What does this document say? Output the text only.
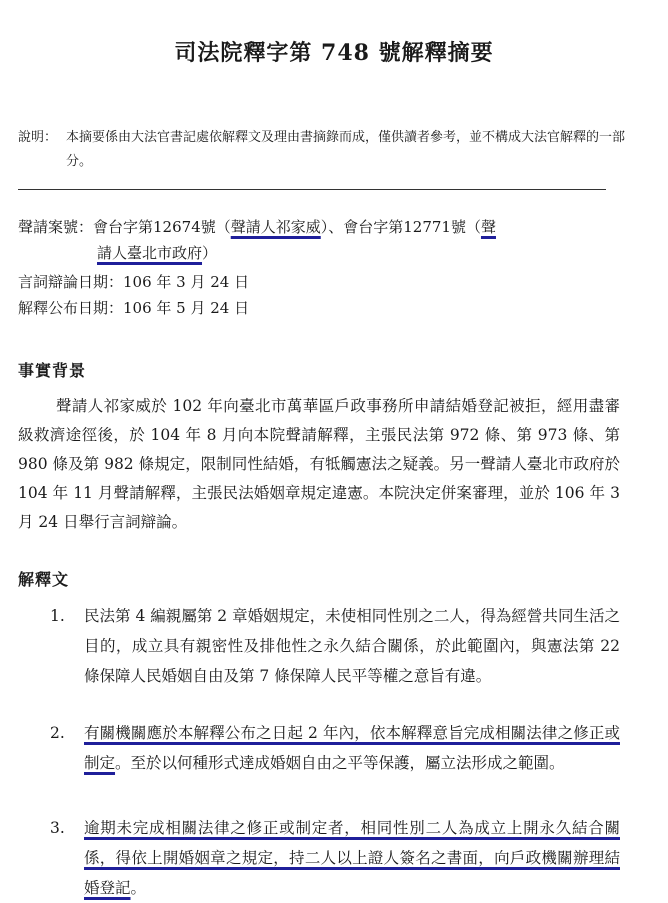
司法院釋字第 748 號解釋摘要
說明： 本摘要係由大法官書記處依解釋文及理由書摘錄而成，僅供讀者參考，並不構成大法官解釋的一部分。
聲請案號：會台字第12674號（聲請人祁家威）、會台字第12771號（聲
請人臺北市政府）
言詞辯論日期：106 年 3 月 24 日
解釋公布日期：106 年 5 月 24 日
事實背景
聲請人祁家威於 102 年向臺北市萬華區戶政事務所申請結婚登記被拒，經用盡審級救濟途徑後，於 104 年 8 月向本院聲請解釋，主張民法第 972 條、第 973 條、第 980 條及第 982 條規定，限制同性結婚，有牴觸憲法之疑義。另一聲請人臺北市政府於 104 年 11 月聲請解釋，主張民法婚姻章規定違憲。本院決定併案審理，並於 106 年 3 月 24 日舉行言詞辯論。
解釋文
1.	民法第 4 編親屬第 2 章婚姻規定，未使相同性別之二人，得為經營共同生活之目的，成立具有親密性及排他性之永久結合關係，於此範圍內，與憲法第 22 條保障人民婚姻自由及第 7 條保障人民平等權之意旨有違。
2.	有關機關應於本解釋公布之日起 2 年內，依本解釋意旨完成相關法律之修正或制定。至於以何種形式達成婚姻自由之平等保護，屬立法形成之範圍。
3.	逾期未完成相關法律之修正或制定者，相同性別二人為成立上開永久結合關係，得依上開婚姻章之規定，持二人以上證人簽名之書面，向戶政機關辦理結婚登記。
